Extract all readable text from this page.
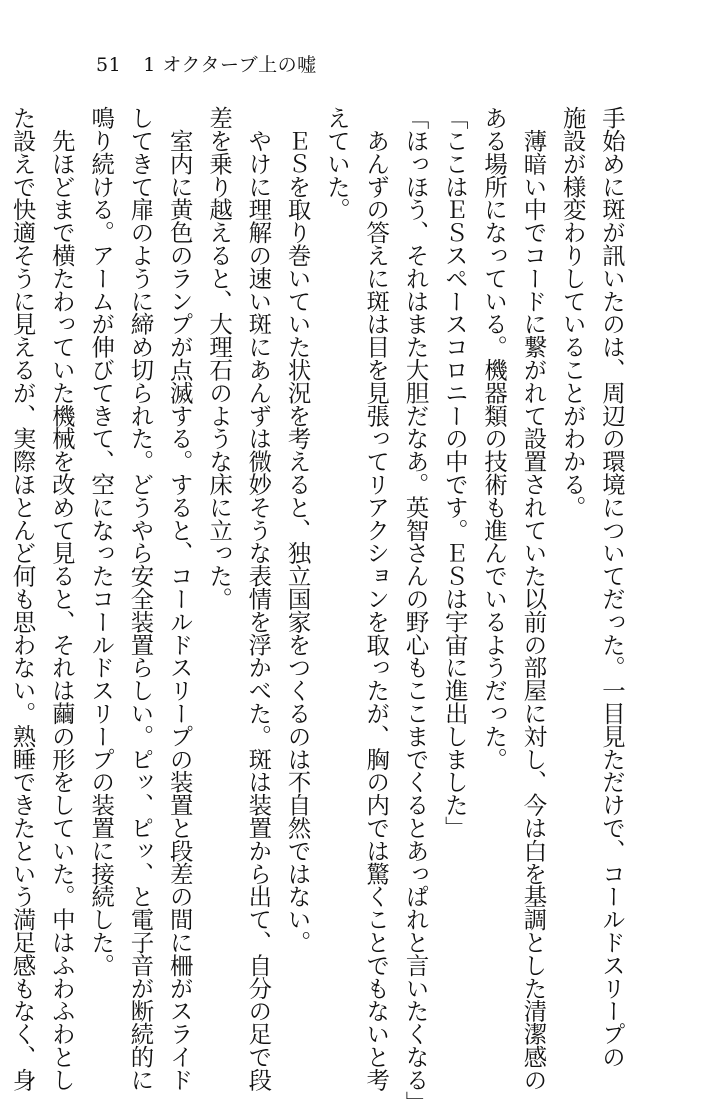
51 1 オクターブ上の嘘
手始めに斑が訊いたのは、周辺の環境についてだった。一目見ただけで、コールドスリープの
施設が様変わりしていることがわかる。
　薄暗い中でコードに繋がれて設置されていた以前の部屋に対し、今は白を基調とした清潔感の
ある場所になっている。機器類の技術も進んでいるようだった。
「ここはＥＳスペースコロニーの中です。ＥＳは宇宙に進出しました」
「ほっほう、それはまた大胆だなあ。英智さんの野心もここまでくるとあっぱれと言いたくなる」
　あんずの答えに斑は目を見張ってリアクションを取ったが、胸の内では驚くことでもないと考
えていた。
　ＥＳを取り巻いていた状況を考えると、独立国家をつくるのは不自然ではない。
　やけに理解の速い斑にあんずは微妙そうな表情を浮かべた。斑は装置から出て、自分の足で段
差を乗り越えると、大理石のような床に立った。
　室内に黄色のランプが点滅する。すると、コールドスリープの装置と段差の間に柵がスライド
してきて扉のように締め切られた。どうやら安全装置らしい。ピッ、ピッ、と電子音が断続的に
鳴り続ける。アームが伸びてきて、空になったコールドスリープの装置に接続した。
　先ほどまで横たわっていた機械を改めて見ると、それは繭の形をしていた。中はふわふわとし
た設えで快適そうに見えるが、実際ほとんど何も思わない。熟睡できたという満足感もなく、身
